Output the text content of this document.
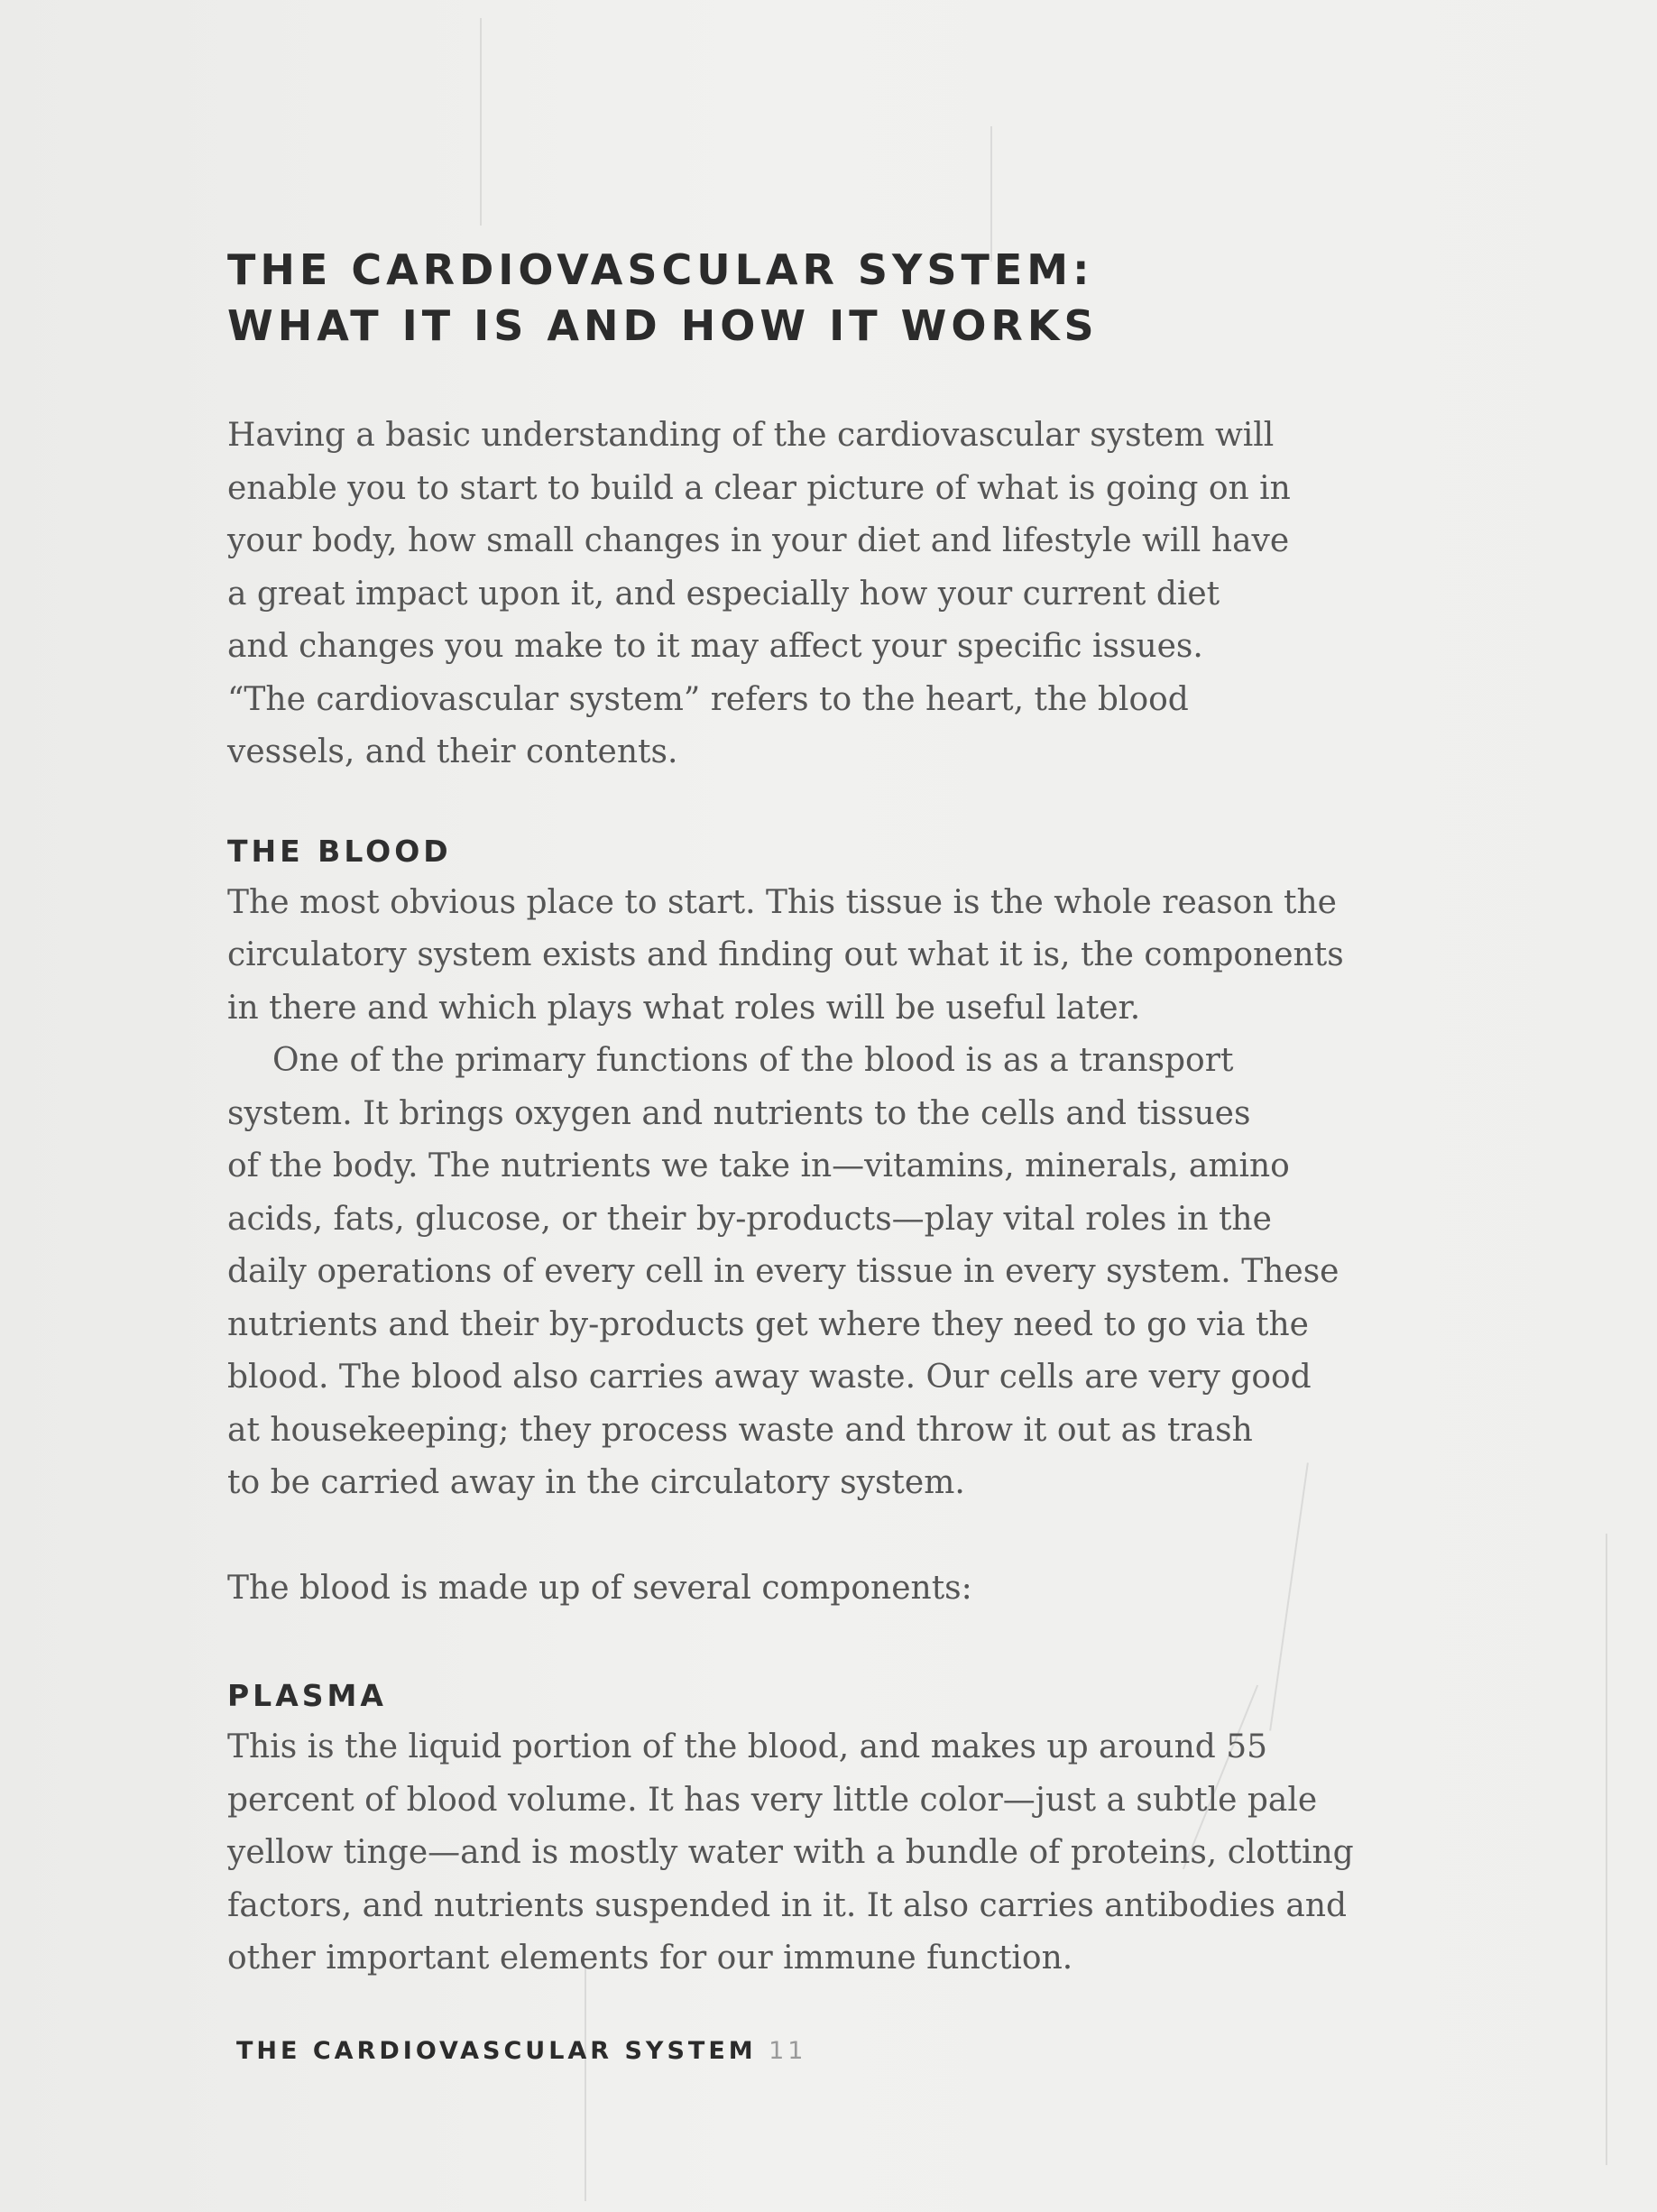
THE CARDIOVASCULAR SYSTEM:
WHAT IT IS AND HOW IT WORKS
Having a basic understanding of the cardiovascular system will
enable you to start to build a clear picture of what is going on in
your body, how small changes in your diet and lifestyle will have
a great impact upon it, and especially how your current diet
and changes you make to it may affect your specific issues.
“The cardiovascular system” refers to the heart, the blood
vessels, and their contents.
THE BLOOD
The most obvious place to start. This tissue is the whole reason the
circulatory system exists and finding out what it is, the components
in there and which plays what roles will be useful later.
One of the primary functions of the blood is as a transport
system. It brings oxygen and nutrients to the cells and tissues
of the body. The nutrients we take in—vitamins, minerals, amino
acids, fats, glucose, or their by-products—play vital roles in the
daily operations of every cell in every tissue in every system. These
nutrients and their by-products get where they need to go via the
blood. The blood also carries away waste. Our cells are very good
at housekeeping; they process waste and throw it out as trash
to be carried away in the circulatory system.
The blood is made up of several components:
PLASMA
This is the liquid portion of the blood, and makes up around 55
percent of blood volume. It has very little color—just a subtle pale
yellow tinge—and is mostly water with a bundle of proteins, clotting
factors, and nutrients suspended in it. It also carries antibodies and
other important elements for our immune function.
THE CARDIOVASCULAR SYSTEM 11
